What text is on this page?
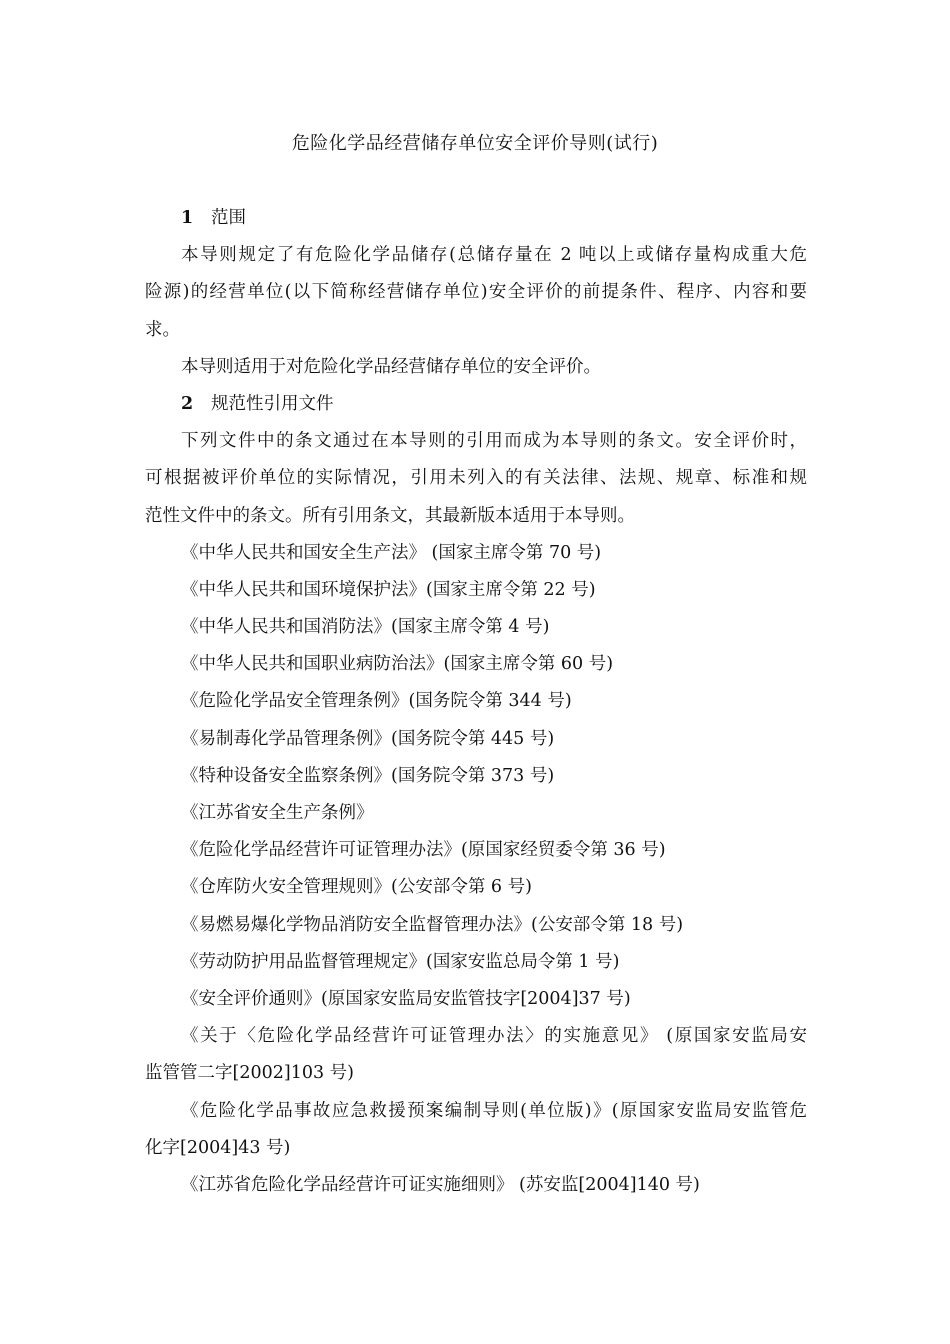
危险化学品经营储存单位安全评价导则(试行)
1 范围
本导则规定了有危险化学品储存(总储存量在 2 吨以上或储存量构成重大危
险源)的经营单位(以下简称经营储存单位)安全评价的前提条件、程序、内容和要
求。
本导则适用于对危险化学品经营储存单位的安全评价。
2 规范性引用文件
下列文件中的条文通过在本导则的引用而成为本导则的条文。安全评价时，
可根据被评价单位的实际情况，引用未列入的有关法律、法规、规章、标准和规
范性文件中的条文。所有引用条文，其最新版本适用于本导则。
《中华人民共和国安全生产法》 (国家主席令第 70 号)
《中华人民共和国环境保护法》(国家主席令第 22 号)
《中华人民共和国消防法》(国家主席令第 4 号)
《中华人民共和国职业病防治法》(国家主席令第 60 号)
《危险化学品安全管理条例》(国务院令第 344 号)
《易制毒化学品管理条例》(国务院令第 445 号)
《特种设备安全监察条例》(国务院令第 373 号)
《江苏省安全生产条例》
《危险化学品经营许可证管理办法》(原国家经贸委令第 36 号)
《仓库防火安全管理规则》(公安部令第 6 号)
《易燃易爆化学物品消防安全监督管理办法》(公安部令第 18 号)
《劳动防护用品监督管理规定》(国家安监总局令第 1 号)
《安全评价通则》(原国家安监局安监管技字[2004]37 号)
《关于〈危险化学品经营许可证管理办法〉的实施意见》 (原国家安监局安
监管管二字[2002]103 号)
《危险化学品事故应急救援预案编制导则(单位版)》(原国家安监局安监管危
化字[2004]43 号)
《江苏省危险化学品经营许可证实施细则》 (苏安监[2004]140 号)
